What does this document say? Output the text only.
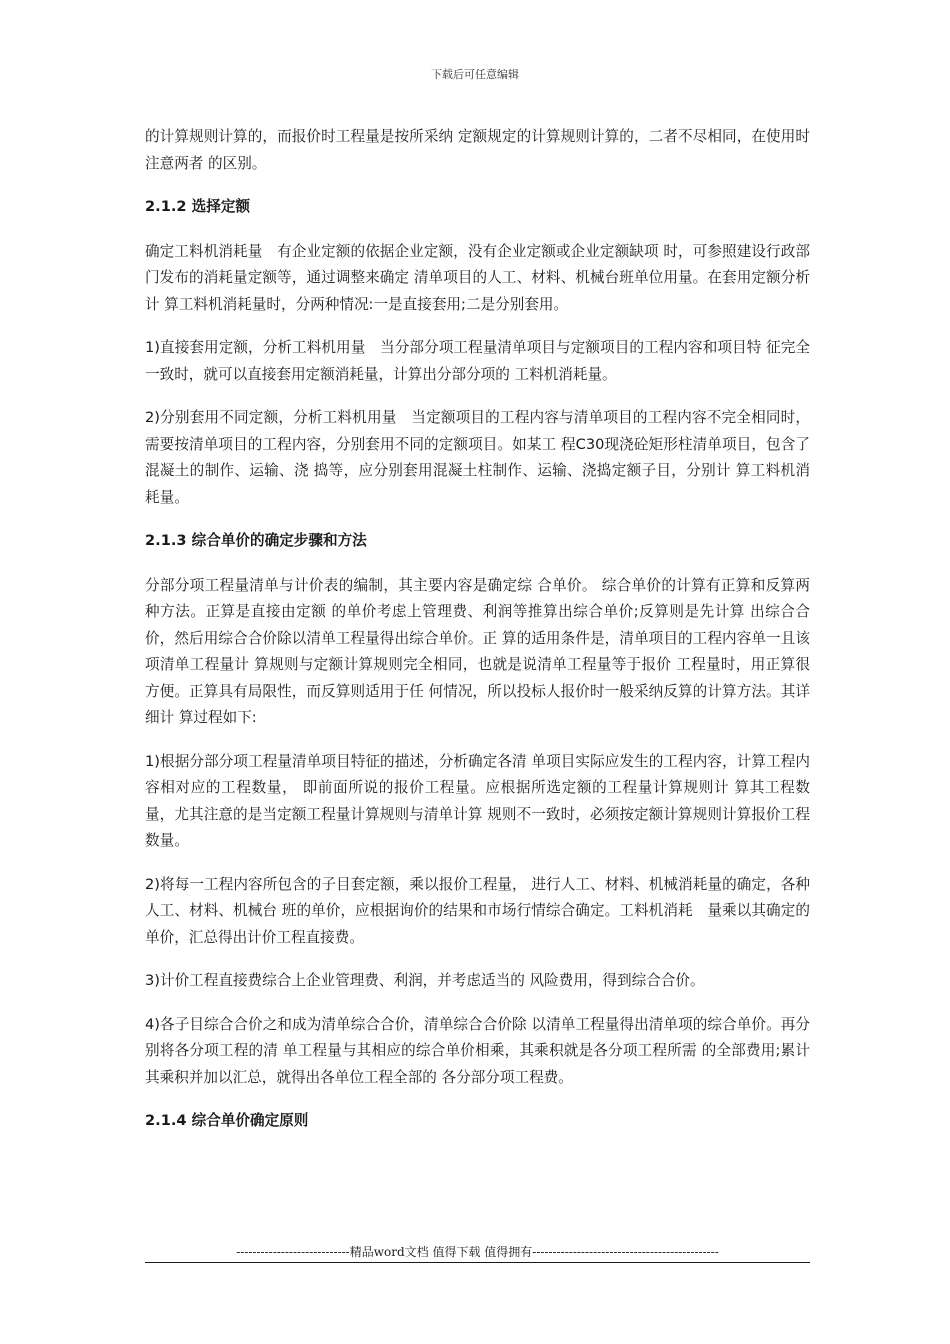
下载后可任意编辑

的计算规则计算的，而报价时工程量是按所采纳 定额规定的计算规则计算的，二者不尽相同，在使用时注意两者 的区别。

2.1.2 选择定额

确定工料机消耗量　有企业定额的依据企业定额，没有企业定额或企业定额缺项 时，可参照建设行政部门发布的消耗量定额等，通过调整来确定 清单项目的人工、材料、机械台班单位用量。在套用定额分析计 算工料机消耗量时，分两种情况:一是直接套用;二是分别套用。

1)直接套用定额，分析工料机用量　当分部分项工程量清单项目与定额项目的工程内容和项目特 征完全一致时，就可以直接套用定额消耗量，计算出分部分项的 工料机消耗量。

2)分别套用不同定额，分析工料机用量　当定额项目的工程内容与清单项目的工程内容不完全相同时， 需要按清单项目的工程内容，分别套用不同的定额项目。如某工 程C30现浇砼矩形柱清单项目，包含了混凝土的制作、运输、浇 捣等，应分别套用混凝土柱制作、运输、浇捣定额子目，分别计 算工料机消耗量。

2.1.3 综合单价的确定步骤和方法

分部分项工程量清单与计价表的编制，其主要内容是确定综 合单价。 综合单价的计算有正算和反算两种方法。正算是直接由定额 的单价考虑上管理费、利润等推算出综合单价;反算则是先计算 出综合合价，然后用综合合价除以清单工程量得出综合单价。正 算的适用条件是，清单项目的工程内容单一且该项清单工程量计 算规则与定额计算规则完全相同，也就是说清单工程量等于报价 工程量时，用正算很方便。正算具有局限性，而反算则适用于任 何情况，所以投标人报价时一般采纳反算的计算方法。其详细计 算过程如下:

1)根据分部分项工程量清单项目特征的描述，分析确定各清 单项目实际应发生的工程内容，计算工程内容相对应的工程数量， 即前面所说的报价工程量。应根据所选定额的工程量计算规则计 算其工程数量，尤其注意的是当定额工程量计算规则与清单计算 规则不一致时，必须按定额计算规则计算报价工程数量。

2)将每一工程内容所包含的子目套定额，乘以报价工程量， 进行人工、材料、机械消耗量的确定，各种人工、材料、机械台 班的单价，应根据询价的结果和市场行情综合确定。工料机消耗　量乘以其确定的单价，汇总得出计价工程直接费。

3)计价工程直接费综合上企业管理费、利润，并考虑适当的 风险费用，得到综合合价。

4)各子目综合合价之和成为清单综合合价，清单综合合价除 以清单工程量得出清单项的综合单价。再分别将各分项工程的清 单工程量与其相应的综合单价相乘，其乘积就是各分项工程所需 的全部费用;累计其乘积并加以汇总，就得出各单位工程全部的 各分部分项工程费。

2.1.4 综合单价确定原则
----------------------------精品word文档 值得下载 值得拥有----------------------------------------------
